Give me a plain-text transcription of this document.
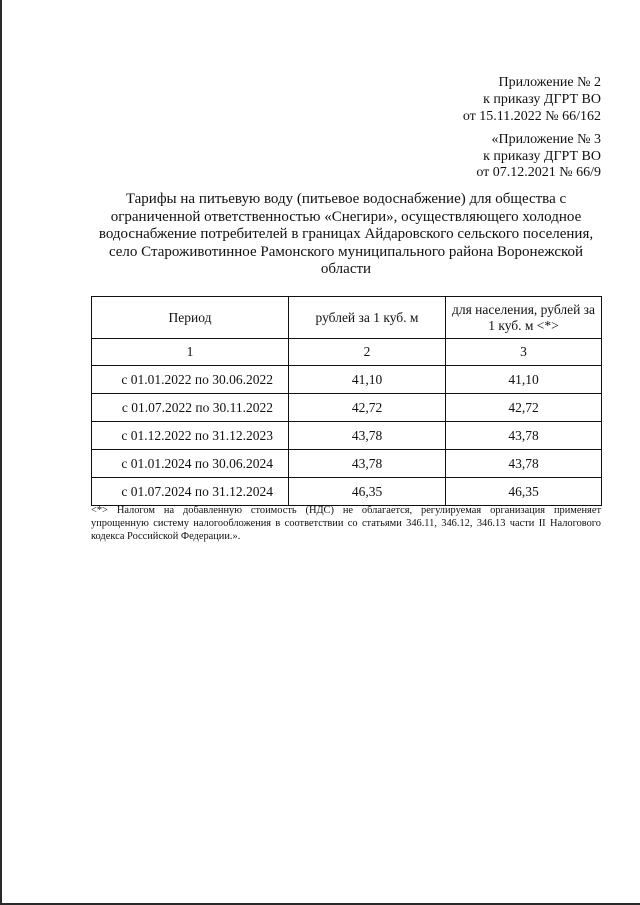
Приложение № 2
к приказу ДГРТ ВО
от 15.11.2022 № 66/162
«Приложение № 3
к приказу ДГРТ ВО
от 07.12.2021 № 66/9
Тарифы на питьевую воду (питьевое водоснабжение) для общества с
ограниченной ответственностью «Снегири», осуществляющего холодное
водоснабжение потребителей в границах Айдаровского сельского поселения,
село Староживотинное Рамонского муниципального района Воронежской
области
Период	рублей за 1 куб. м	для населения, рублей за 1 куб. м <*>
1	2	3
с 01.01.2022 по 30.06.2022	41,10	41,10
с 01.07.2022 по 30.11.2022	42,72	42,72
с 01.12.2022 по 31.12.2023	43,78	43,78
с 01.01.2024 по 30.06.2024	43,78	43,78
с 01.07.2024 по 31.12.2024	46,35	46,35
<*> Налогом на добавленную стоимость (НДС) не облагается, регулируемая организация применяет
упрощенную систему налогообложения в соответствии со статьями 346.11, 346.12, 346.13 части II Налогового
кодекса Российской Федерации.».
